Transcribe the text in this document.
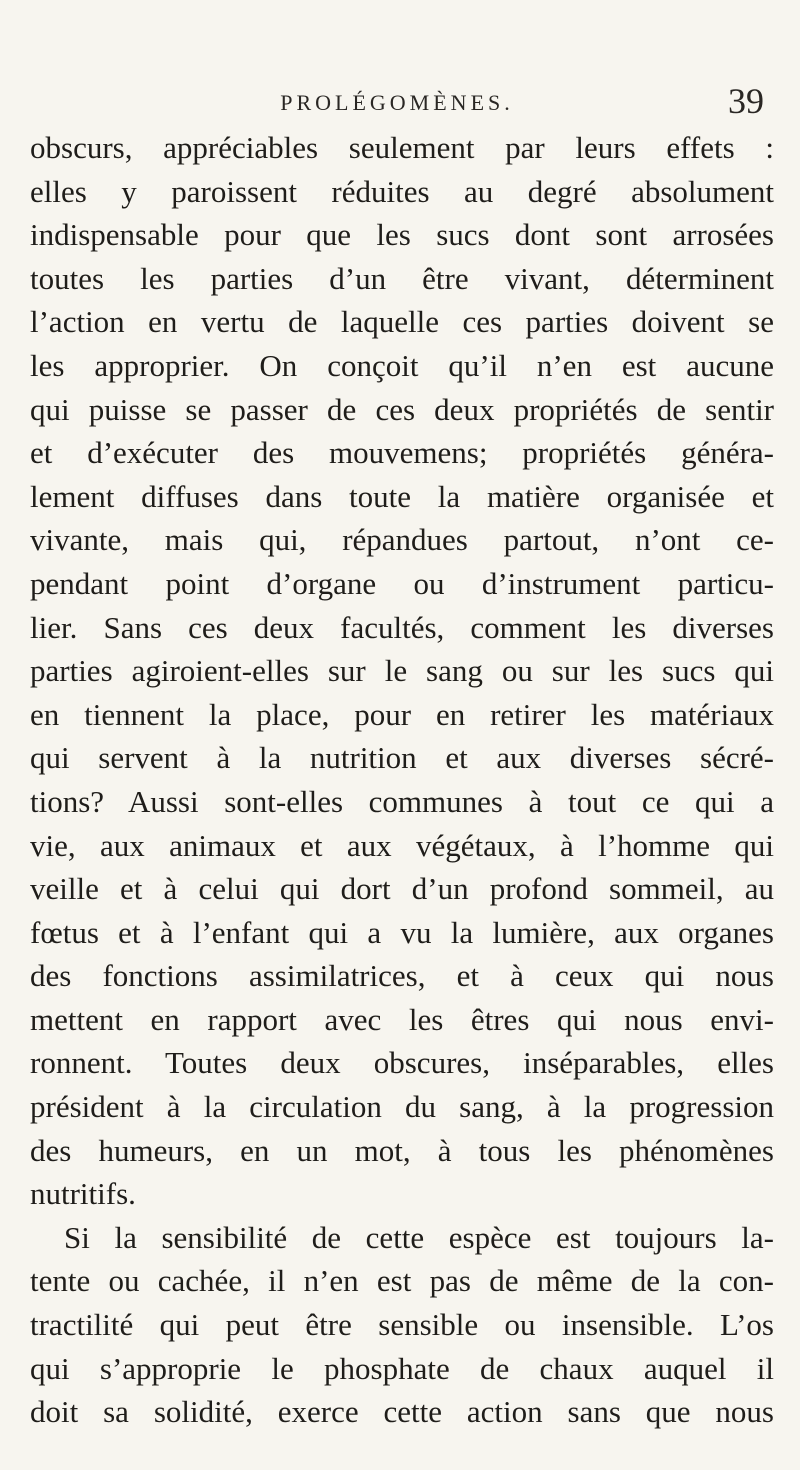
PROLÉGOMÈNES.	39
obscurs, appréciables seulement par leurs effets :
elles y paroissent réduites au degré absolument
indispensable pour que les sucs dont sont arrosées
toutes les parties d’un être vivant, déterminent
l’action en vertu de laquelle ces parties doivent se
les approprier. On conçoit qu’il n’en est aucune
qui puisse se passer de ces deux propriétés de sentir
et d’exécuter des mouvemens; propriétés généra-
lement diffuses dans toute la matière organisée et
vivante, mais qui, répandues partout, n’ont ce-
pendant point d’organe ou d’instrument particu-
lier. Sans ces deux facultés, comment les diverses
parties agiroient-elles sur le sang ou sur les sucs qui
en tiennent la place, pour en retirer les matériaux
qui servent à la nutrition et aux diverses sécré-
tions? Aussi sont-elles communes à tout ce qui a
vie, aux animaux et aux végétaux, à l’homme qui
veille et à celui qui dort d’un profond sommeil, au
fœtus et à l’enfant qui a vu la lumière, aux organes
des fonctions assimilatrices, et à ceux qui nous
mettent en rapport avec les êtres qui nous envi-
ronnent. Toutes deux obscures, inséparables, elles
président à la circulation du sang, à la progression
des humeurs, en un mot, à tous les phénomènes
nutritifs.
Si la sensibilité de cette espèce est toujours la-
tente ou cachée, il n’en est pas de même de la con-
tractilité qui peut être sensible ou insensible. L’os
qui s’approprie le phosphate de chaux auquel il
doit sa solidité, exerce cette action sans que nous
